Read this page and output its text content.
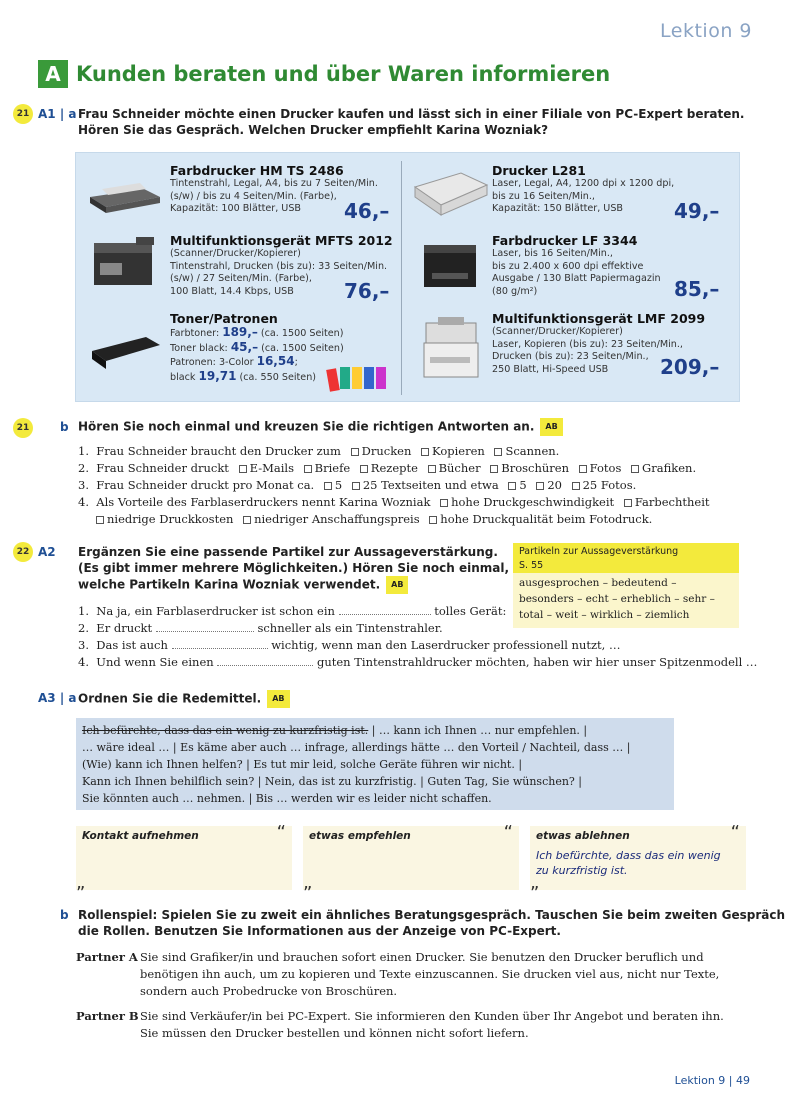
Lektion 9
A Kunden beraten und über Waren informieren
21 A1 | a Frau Schneider möchte einen Drucker kaufen und lässt sich in einer Filiale von PC-Expert beraten.
Hören Sie das Gespräch. Welchen Drucker empfiehlt Karina Wozniak?
Farbdrucker HM TS 2486
Tintenstrahl, Legal, A4, bis zu 7 Seiten/Min.
(s/w) / bis zu 4 Seiten/Min. (Farbe),
Kapazität: 100 Blätter, USB	46,–
Multifunktionsgerät MFTS 2012
(Scanner/Drucker/Kopierer)
Tintenstrahl, Drucken (bis zu): 33 Seiten/Min.
(s/w) / 27 Seiten/Min. (Farbe),
100 Blatt, 14.4 Kbps, USB	76,–
Toner/Patronen
Farbtoner: 189,– (ca. 1500 Seiten)
Toner black: 45,– (ca. 1500 Seiten)
Patronen: 3-Color 16,54;
black 19,71 (ca. 550 Seiten)
Drucker L281
Laser, Legal, A4, 1200 dpi x 1200 dpi,
bis zu 16 Seiten/Min.,
Kapazität: 150 Blätter, USB	49,–
Farbdrucker LF 3344
Laser, bis 16 Seiten/Min.,
bis zu 2.400 x 600 dpi effektive
Ausgabe / 130 Blatt Papiermagazin
(80 g/m²)	85,–
Multifunktionsgerät LMF 2099
(Scanner/Drucker/Kopierer)
Laser, Kopieren (bis zu): 23 Seiten/Min.,
Drucken (bis zu): 23 Seiten/Min.,
250 Blatt, Hi-Speed USB	209,–
21	b Hören Sie noch einmal und kreuzen Sie die richtigen Antworten an. AB
1. Frau Schneider braucht den Drucker zum Drucken Kopieren Scannen.
2. Frau Schneider druckt E-Mails Briefe Rezepte Bücher Broschüren Fotos Grafiken.
3. Frau Schneider druckt pro Monat ca. 5 25 Textseiten und etwa 5 20 25 Fotos.
4. Als Vorteile des Farblaserdruckers nennt Karina Wozniak hohe Druckgeschwindigkeit Farbechtheit
niedrige Druckkosten niedriger Anschaffungspreis hohe Druckqualität beim Fotodruck.
22 A2 Ergänzen Sie eine passende Partikel zur Aussageverstärkung.
(Es gibt immer mehrere Möglichkeiten.) Hören Sie noch einmal,
welche Partikeln Karina Wozniak verwendet. AB
Partikeln zur Aussageverstärkung
S. 55
ausgesprochen – bedeutend –
besonders – echt – erheblich – sehr –
total – weit – wirklich – ziemlich
1.  Na ja, ein Farblaserdrucker ist schon ein	tolles Gerät:
2.  Er druckt	schneller als ein Tintenstrahler.
3.  Das ist auch	wichtig, wenn man den Laserdrucker professionell nutzt, …
4.  Und wenn Sie einen	guten Tintenstrahldrucker möchten, haben wir hier unser Spitzenmodell …
A3 | a Ordnen Sie die Redemittel. AB
Ich befürchte, dass das ein wenig zu kurzfristig ist. | … kann ich Ihnen … nur empfehlen. |
… wäre ideal … | Es käme aber auch … infrage, allerdings hätte … den Vorteil / Nachteil, dass … |
(Wie) kann ich Ihnen helfen? | Es tut mir leid, solche Geräte führen wir nicht. |
Kann ich Ihnen behilflich sein? | Nein, das ist zu kurzfristig. | Guten Tag, Sie wünschen? |
Sie könnten auch … nehmen. | Bis … werden wir es leider nicht schaffen.
Kontakt aufnehmen	“
”
etwas empfehlen	“
”
etwas ablehnen
Ich befürchte, dass das ein wenig
zu kurzfristig ist.
“
”
b Rollenspiel: Spielen Sie zu zweit ein ähnliches Beratungsgespräch. Tauschen Sie beim zweiten Gespräch
die Rollen. Benutzen Sie Informationen aus der Anzeige von PC-Expert.
Partner A Sie sind Grafiker/in und brauchen sofort einen Drucker. Sie benutzen den Drucker beruflich und
benötigen ihn auch, um zu kopieren und Texte einzuscannen. Sie drucken viel aus, nicht nur Texte,
sondern auch Probedrucke von Broschüren.
Partner B Sie sind Verkäufer/in bei PC-Expert. Sie informieren den Kunden über Ihr Angebot und beraten ihn.
Sie müssen den Drucker bestellen und können nicht sofort liefern.
Lektion 9 | 49
